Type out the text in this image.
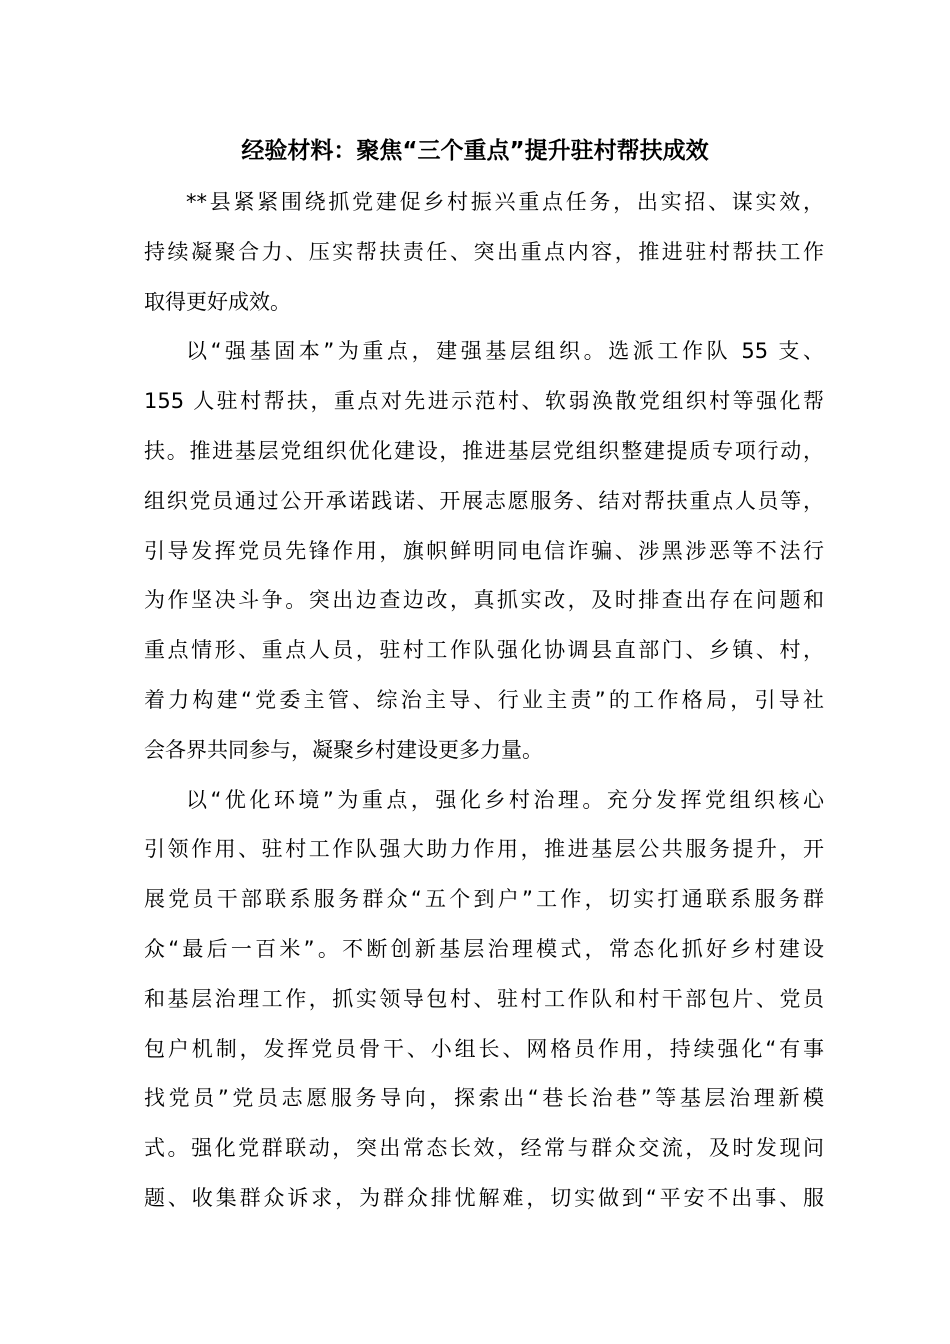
经验材料：聚焦“三个重点”提升驻村帮扶成效
**县紧紧围绕抓党建促乡村振兴重点任务，出实招、谋实效，
持续凝聚合力、压实帮扶责任、突出重点内容，推进驻村帮扶工作
取得更好成效。
以“强基固本”为重点，建强基层组织。选派工作队 55 支、
155 人驻村帮扶，重点对先进示范村、软弱涣散党组织村等强化帮
扶。推进基层党组织优化建设，推进基层党组织整建提质专项行动，
组织党员通过公开承诺践诺、开展志愿服务、结对帮扶重点人员等，
引导发挥党员先锋作用，旗帜鲜明同电信诈骗、涉黑涉恶等不法行
为作坚决斗争。突出边查边改，真抓实改，及时排查出存在问题和
重点情形、重点人员，驻村工作队强化协调县直部门、乡镇、村，
着力构建“党委主管、综治主导、行业主责”的工作格局，引导社
会各界共同参与，凝聚乡村建设更多力量。
以“优化环境”为重点，强化乡村治理。充分发挥党组织核心
引领作用、驻村工作队强大助力作用，推进基层公共服务提升，开
展党员干部联系服务群众“五个到户”工作，切实打通联系服务群
众“最后一百米”。不断创新基层治理模式，常态化抓好乡村建设
和基层治理工作，抓实领导包村、驻村工作队和村干部包片、党员
包户机制，发挥党员骨干、小组长、网格员作用，持续强化“有事
找党员”党员志愿服务导向，探索出“巷长治巷”等基层治理新模
式。强化党群联动，突出常态长效，经常与群众交流，及时发现问
题、收集群众诉求，为群众排忧解难，切实做到“平安不出事、服
